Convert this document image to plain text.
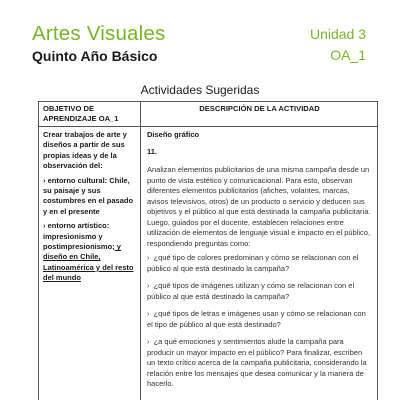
Artes Visuales
Quinto Año Básico
Unidad 3
OA_1
Actividades Sugeridas
OBJETIVO DE APRENDIZAJE OA_1

Crear trabajos de arte y diseños a partir de sus propias ideas y de la observación del:

› entorno cultural: Chile, su paisaje y sus costumbres en el pasado y en el presente

› entorno artístico: impresionismo y postimpresionismo; y diseño en Chile, Latinoamérica y del resto del mundo

DESCRIPCIÓN DE LA ACTIVIDAD
Diseño gráfico
11.
Analizan elementos publicitarios de una misma campaña desde un punto de vista estético y comunicacional. Para esto, observan diferentes elementos publicitarios (afiches, volantes, marcas, avisos televisivos, otros) de un producto o servicio y deducen sus objetivos y el público al que está destinada la campaña publicitaria. Luego, guiados por el docente, establecen relaciones entre utilización de elementos de lenguaje visual e impacto en el público, respondiendo preguntas como:
› ¿qué tipo de colores predominan y cómo se relacionan con el público al que está destinado la campaña?
› ¿qué tipos de imágenes utilizan y cómo se relacionan con el público al que está destinado la campaña?
› ¿qué tipos de letras e imágenes usan y cómo se relacionan con el tipo de público al que está destinado?
› ¿a qué emociones y sentimientos alude la campaña para producir un mayor impacto en el público? Para finalizar, escriben un texto crítico acerca de la campaña publicitaria, considerando la relación entre los mensajes que desea comunicar y la manera de hacerlo.
